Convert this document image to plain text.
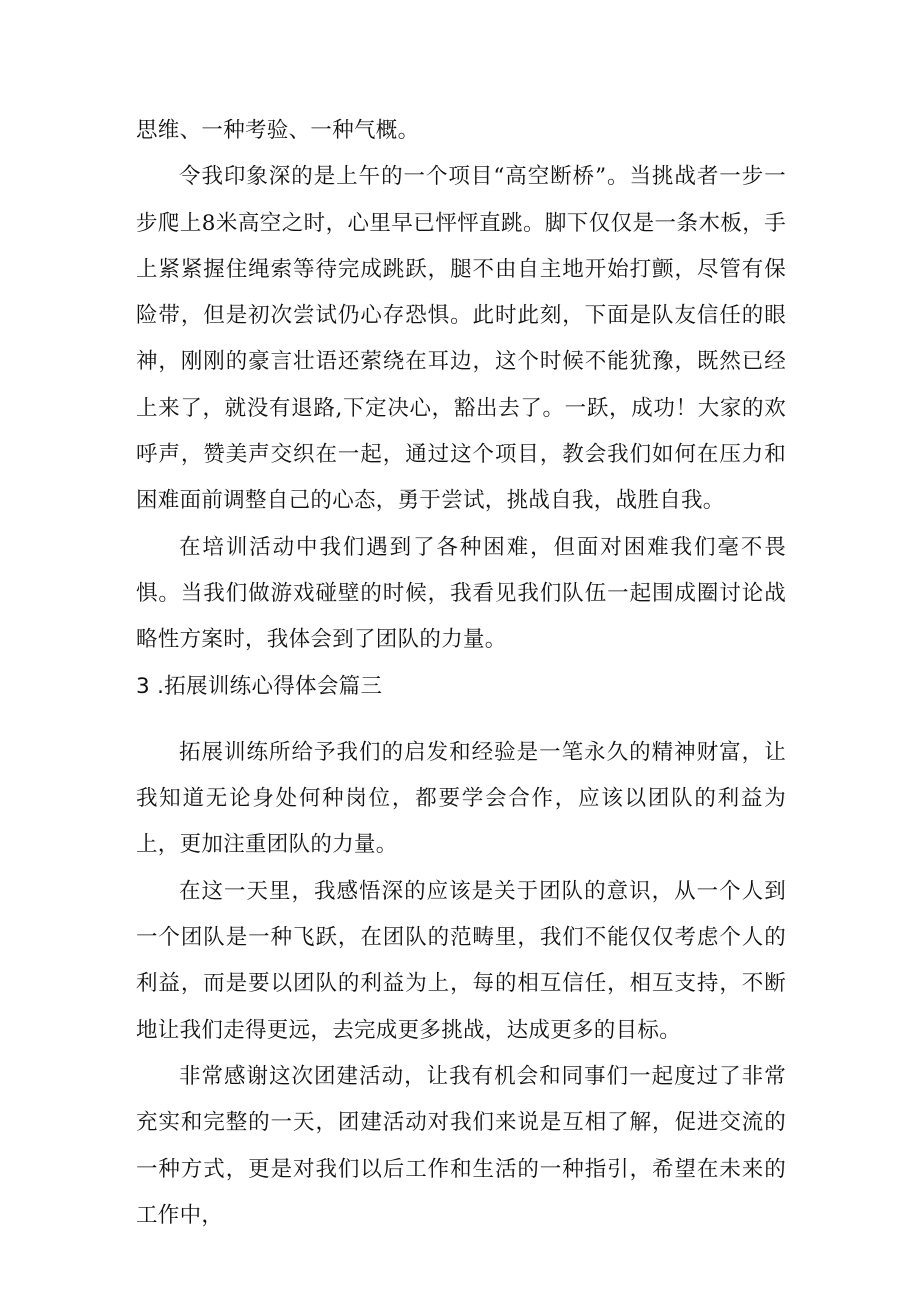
思维、一种考验、一种气概。

令我印象深的是上午的一个项目“高空断桥”。当挑战者一步一步爬上8米高空之时，心里早已怦怦直跳。脚下仅仅是一条木板，手上紧紧握住绳索等待完成跳跃，腿不由自主地开始打颤，尽管有保险带，但是初次尝试仍心存恐惧。此时此刻，下面是队友信任的眼神，刚刚的豪言壮语还萦绕在耳边，这个时候不能犹豫，既然已经上来了，就没有退路,下定决心，豁出去了。一跃，成功！大家的欢呼声，赞美声交织在一起，通过这个项目，教会我们如何在压力和困难面前调整自己的心态，勇于尝试，挑战自我，战胜自我。

在培训活动中我们遇到了各种困难，但面对困难我们毫不畏惧。当我们做游戏碰壁的时候，我看见我们队伍一起围成圈讨论战略性方案时，我体会到了团队的力量。

3 .拓展训练心得体会篇三

拓展训练所给予我们的启发和经验是一笔永久的精神财富，让我知道无论身处何种岗位，都要学会合作，应该以团队的利益为上，更加注重团队的力量。

在这一天里，我感悟深的应该是关于团队的意识，从一个人到一个团队是一种飞跃，在团队的范畴里，我们不能仅仅考虑个人的利益，而是要以团队的利益为上，每的相互信任，相互支持，不断地让我们走得更远，去完成更多挑战，达成更多的目标。

非常感谢这次团建活动，让我有机会和同事们一起度过了非常充实和完整的一天，团建活动对我们来说是互相了解，促进交流的一种方式，更是对我们以后工作和生活的一种指引，希望在未来的工作中，
